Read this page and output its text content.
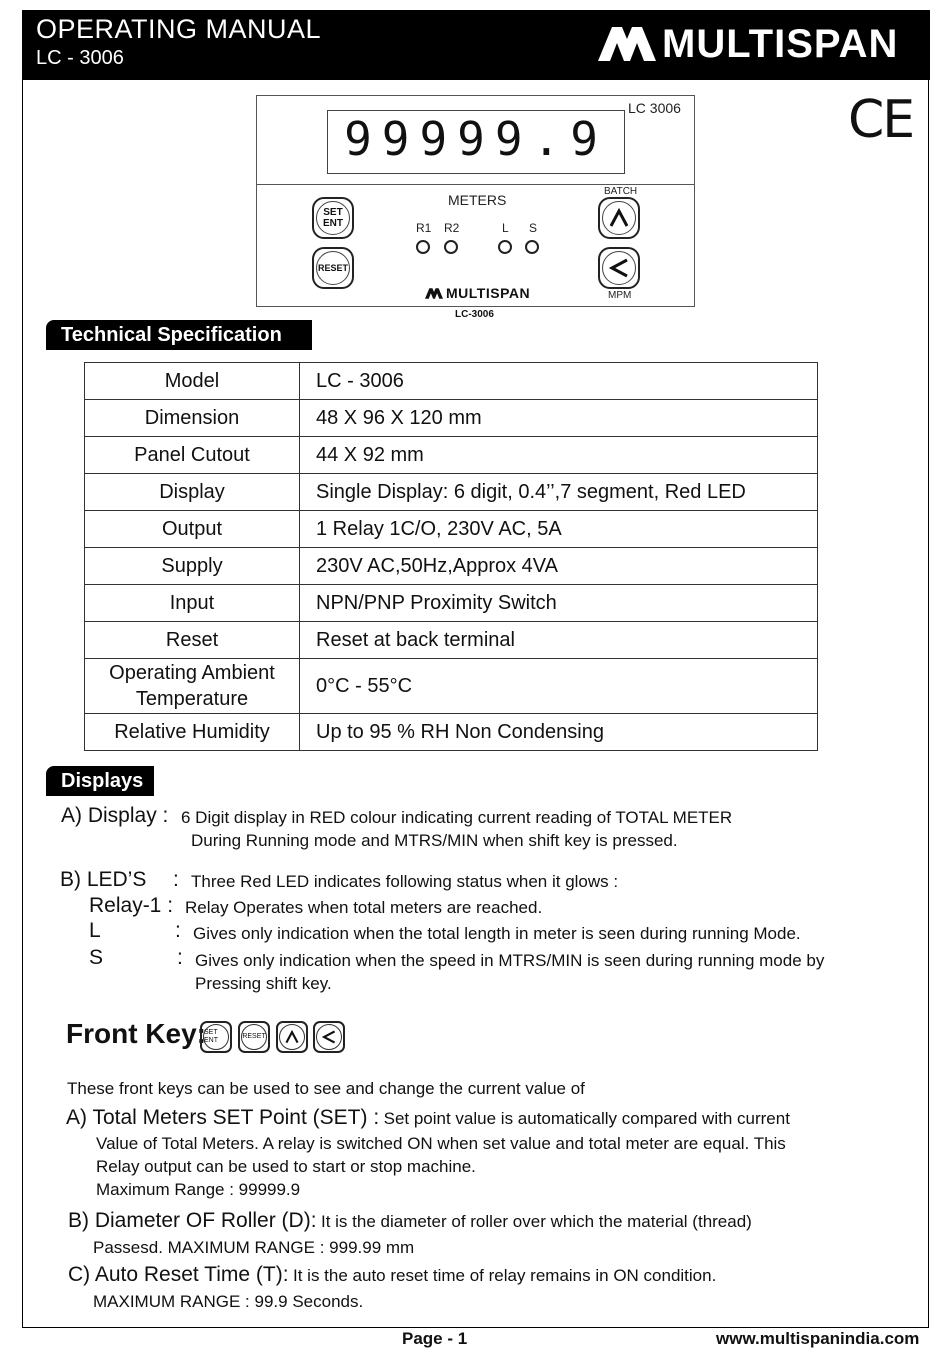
OPERATING MANUAL
LC - 3006	MULTISPAN
CE
LC 3006
99999.9
METERS
R1 R2	L S
SET
ENT
RESET
BATCH
MPM
MULTISPAN
LC-3006
Technical Specification
Model	LC - 3006
Dimension	48 X 96 X 120 mm
Panel Cutout	44 X 92 mm
Display	Single Display: 6 digit, 0.4’’,7 segment, Red LED
Output	1 Relay 1C/O, 230V AC, 5A
Supply	230V AC,50Hz,Approx 4VA
Input	NPN/PNP Proximity Switch
Reset	Reset at back terminal
Operating Ambient Temperature	0°C - 55°C
Relative Humidity	Up to 95 % RH Non Condensing
Displays
A) Display : 6 Digit display in RED colour indicating current reading of TOTAL METER
During Running mode and MTRS/MIN when shift key is pressed.
B) LED’S : Three Red LED indicates following status when it glows :
Relay-1 : Relay Operates when total meters are reached.
L	: Gives only indication when the total length in meter is seen during running Mode.
S	: Gives only indication when the speed in MTRS/MIN is seen during running mode by
Pressing shift key.
Front Key:
SET ENT
RESET
These front keys can be used to see and change the current value of
A) Total Meters SET Point (SET) : Set point value is automatically compared with current
Value of Total Meters. A relay is switched ON when set value and total meter are equal. This
Relay output can be used to start or stop machine.
Maximum Range : 99999.9
B) Diameter OF Roller (D): It is the diameter of roller over which the material (thread)
Passesd. MAXIMUM RANGE : 999.99 mm
C) Auto Reset Time (T): It is the auto reset time of relay remains in ON condition.
MAXIMUM RANGE : 99.9 Seconds.
Page - 1	www.multispanindia.com
